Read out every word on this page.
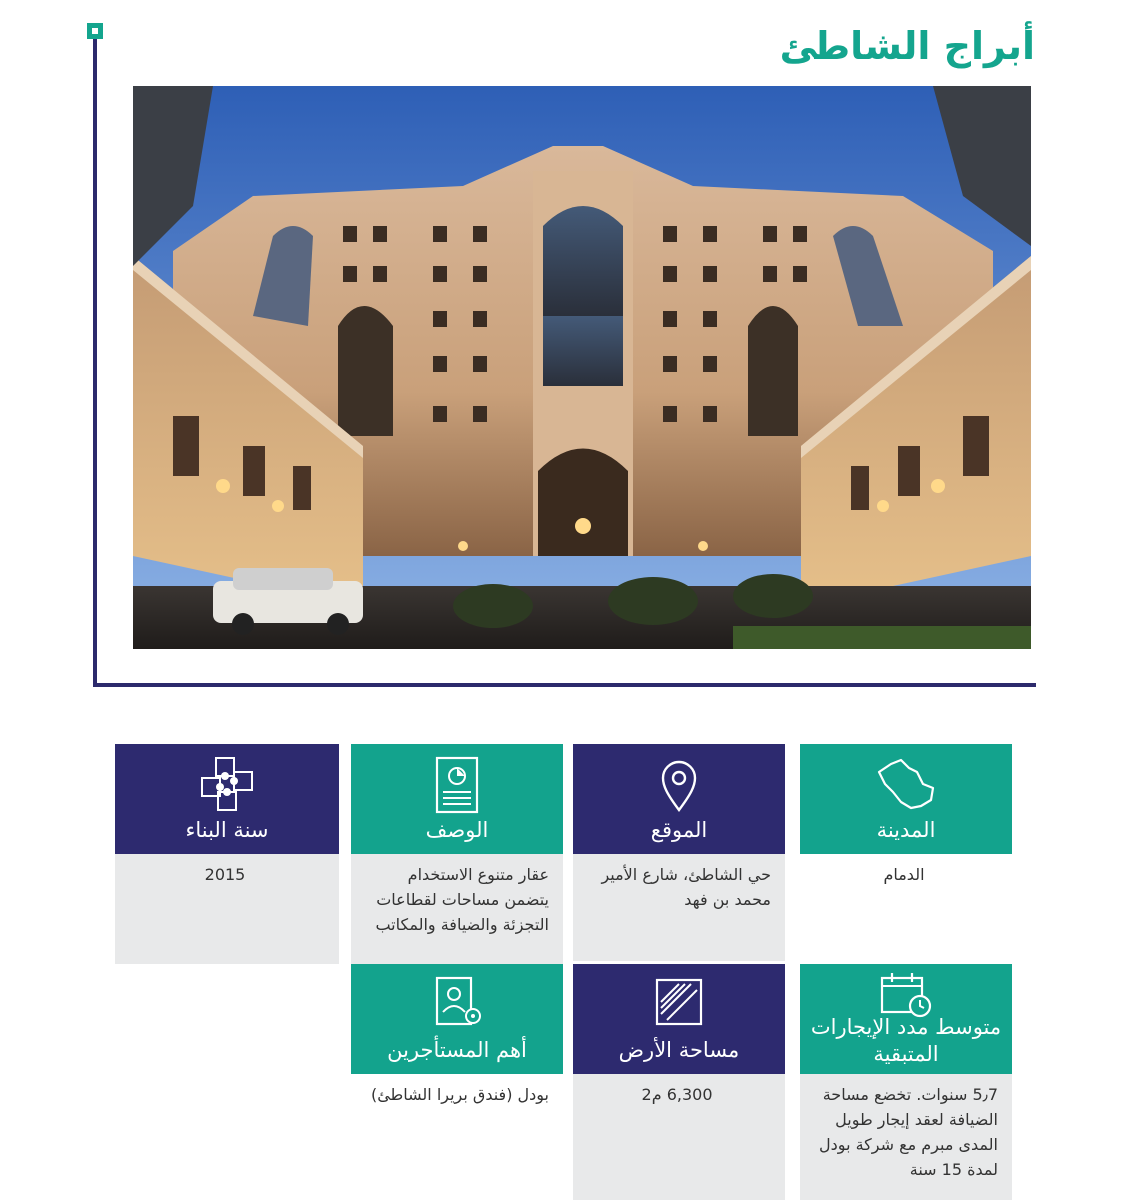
أبراج الشاطئ
المدينة
الموقع
حي الشاطئ، شارع الأمير محمد بن فهد
الوصف
عقار متنوع الاستخدام يتضمن مساحات لقطاعات التجزئة والضيافة والمكاتب
سنة البناء
2015	الدمام
متوسط مدد الإيجارات المتبقية
5٫7 سنوات. تخضع مساحة الضيافة لعقد إيجار طويل المدى مبرم مع شركة بودل لمدة 15 سنة
مساحة الأرض
6,300 م2
أهم المستأجرين
بودل (فندق بريرا الشاطئ)
